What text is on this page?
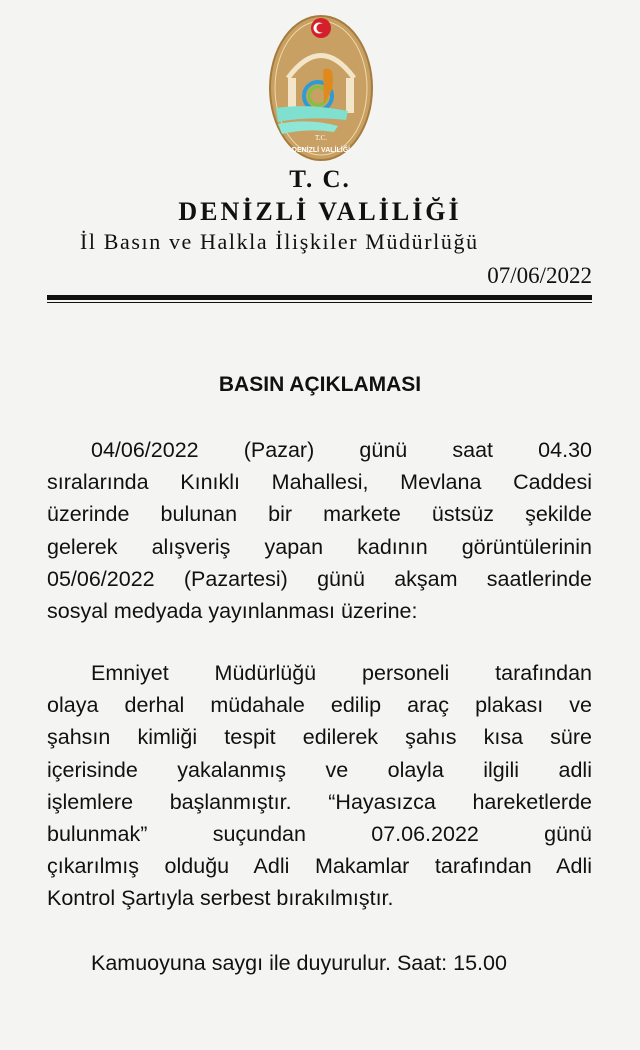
T.C.
DENİZLİ VALİLİĞİ
T. C.
DENİZLİ VALİLİĞİ
İl Basın ve Halkla İlişkiler Müdürlüğü
07/06/2022
BASIN AÇIKLAMASI
04/06/2022 (Pazar) günü saat 04.30
sıralarında Kınıklı Mahallesi, Mevlana Caddesi
üzerinde bulunan bir markete üstsüz şekilde
gelerek alışveriş yapan kadının görüntülerinin
05/06/2022 (Pazartesi) günü akşam saatlerinde
sosyal medyada yayınlanması üzerine:
Emniyet Müdürlüğü personeli tarafından
olaya derhal müdahale edilip araç plakası ve
şahsın kimliği tespit edilerek şahıs kısa süre
içerisinde yakalanmış ve olayla ilgili adli
işlemlere başlanmıştır. “Hayasızca hareketlerde
bulunmak” suçundan 07.06.2022 günü
çıkarılmış olduğu Adli Makamlar tarafından Adli
Kontrol Şartıyla serbest bırakılmıştır.
Kamuoyuna saygı ile duyurulur. Saat: 15.00
